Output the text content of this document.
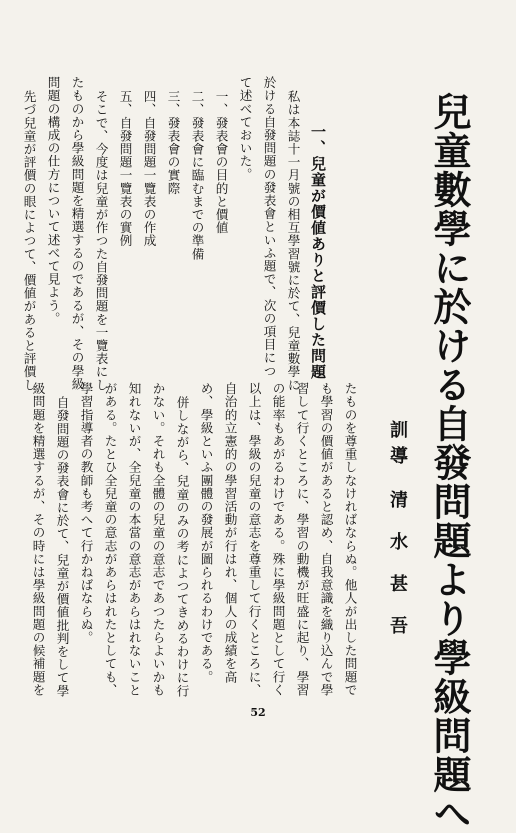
兒童數學に於ける自發問題より學級問題へ
訓導
清水甚吾
一、兒童が價値ありと評價した問題
私は本誌十一月號の相互學習號に於て、兒童數學に
於ける自發問題の發表會といふ題で、次の項目につ
て述べておいた。
一、發表會の目的と價値
二、發表會に臨むまでの準備
三、發表會の實際
四、自發問題一覽表の作成
五、自發問題一覽表の實例
そこで、今度は兒童が作つた自發問題を一覽表にし
たものから學級問題を精選するのであるが、その學級
問題の構成の仕方について述べて見よう。
先づ兒童が評價の眼によつて、價値があると評價し
たものを尊重しなければならぬ。他人が出した問題で
も學習の價値があると認め、自我意識を織り込んで學
習して行くところに、學習の動機が旺盛に起り、學習
の能率もあがるわけである。殊に學級問題として行く
以上は、學級の兒童の意志を尊重して行くところに、
自治的立憲的の學習活動が行はれ、個人の成績を高
め、學級といふ團體の發展が圖られるわけである。
併しながら、兒童のみの考によつてきめるわけに行
かない。それも全體の兒童の意志であつたらよいかも
知れないが、全兒童の本當の意志があらはれないこと
がある。たとひ全兒童の意志があらはれたとしても、
學習指導者の教師も考へて行かねばならぬ。
自發問題の發表會に於て、兒童が價値批判をして學
級問題を精選するが、その時には學級問題の候補題を
52
